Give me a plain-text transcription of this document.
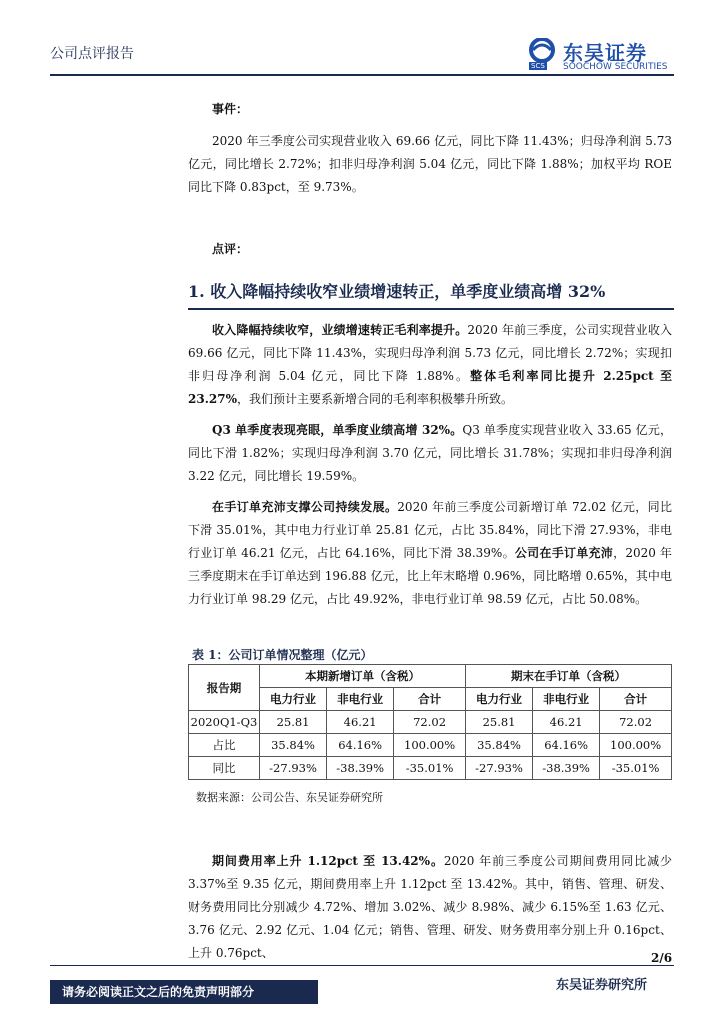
公司点评报告
SCS
东吴证券
SOOCHOW SECURITIES
事件：

2020 年三季度公司实现营业收入 69.66 亿元，同比下降 11.43%；归母净利润 5.73 亿元，同比增长 2.72%；扣非归母净利润 5.04 亿元，同比下降 1.88%；加权平均 ROE 同比下降 0.83pct，至 9.73%。

点评：
1. 收入降幅持续收窄业绩增速转正，单季度业绩高增 32%

收入降幅持续收窄，业绩增速转正毛利率提升。2020 年前三季度，公司实现营业收入 69.66 亿元，同比下降 11.43%，实现归母净利润 5.73 亿元，同比增长 2.72%；实现扣非归母净利润 5.04 亿元，同比下降 1.88%。整体毛利率同比提升 2.25pct 至 23.27%，我们预计主要系新增合同的毛利率积极攀升所致。

Q3 单季度表现亮眼，单季度业绩高增 32%。Q3 单季度实现营业收入 33.65 亿元，同比下滑 1.82%；实现归母净利润 3.70 亿元，同比增长 31.78%；实现扣非归母净利润 3.22 亿元，同比增长 19.59%。

在手订单充沛支撑公司持续发展。2020 年前三季度公司新增订单 72.02 亿元，同比下滑 35.01%，其中电力行业订单 25.81 亿元，占比 35.84%，同比下滑 27.93%，非电行业订单 46.21 亿元，占比 64.16%，同比下滑 38.39%。公司在手订单充沛，2020 年三季度期末在手订单达到 196.88 亿元，比上年末略增 0.96%，同比略增 0.65%，其中电力行业订单 98.29 亿元，占比 49.92%，非电行业订单 98.59 亿元，占比 50.08%。

表 1：公司订单情况整理（亿元）
报告期	本期新增订单（含税）			期末在手订单（含税）		
	电力行业	非电行业	合计	电力行业	非电行业	合计
2020Q1-Q3	25.81	46.21	72.02	25.81	46.21	72.02
占比	35.84%	64.16%	100.00%	35.84%	64.16%	100.00%
同比	-27.93%	-38.39%	-35.01%	-27.93%	-38.39%	-35.01%
数据来源：公司公告、东吴证券研究所

期间费用率上升 1.12pct 至 13.42%。2020 年前三季度公司期间费用同比减少 3.37%至 9.35 亿元，期间费用率上升 1.12pct 至 13.42%。其中，销售、管理、研发、财务费用同比分别减少 4.72%、增加 3.02%、减少 8.98%、减少 6.15%至 1.63 亿元、3.76 亿元、2.92 亿元、1.04 亿元；销售、管理、研发、财务费用率分别上升 0.16pct、上升 0.76pct、	2/6
请务必阅读正文之后的免责声明部分	东吴证券研究所
